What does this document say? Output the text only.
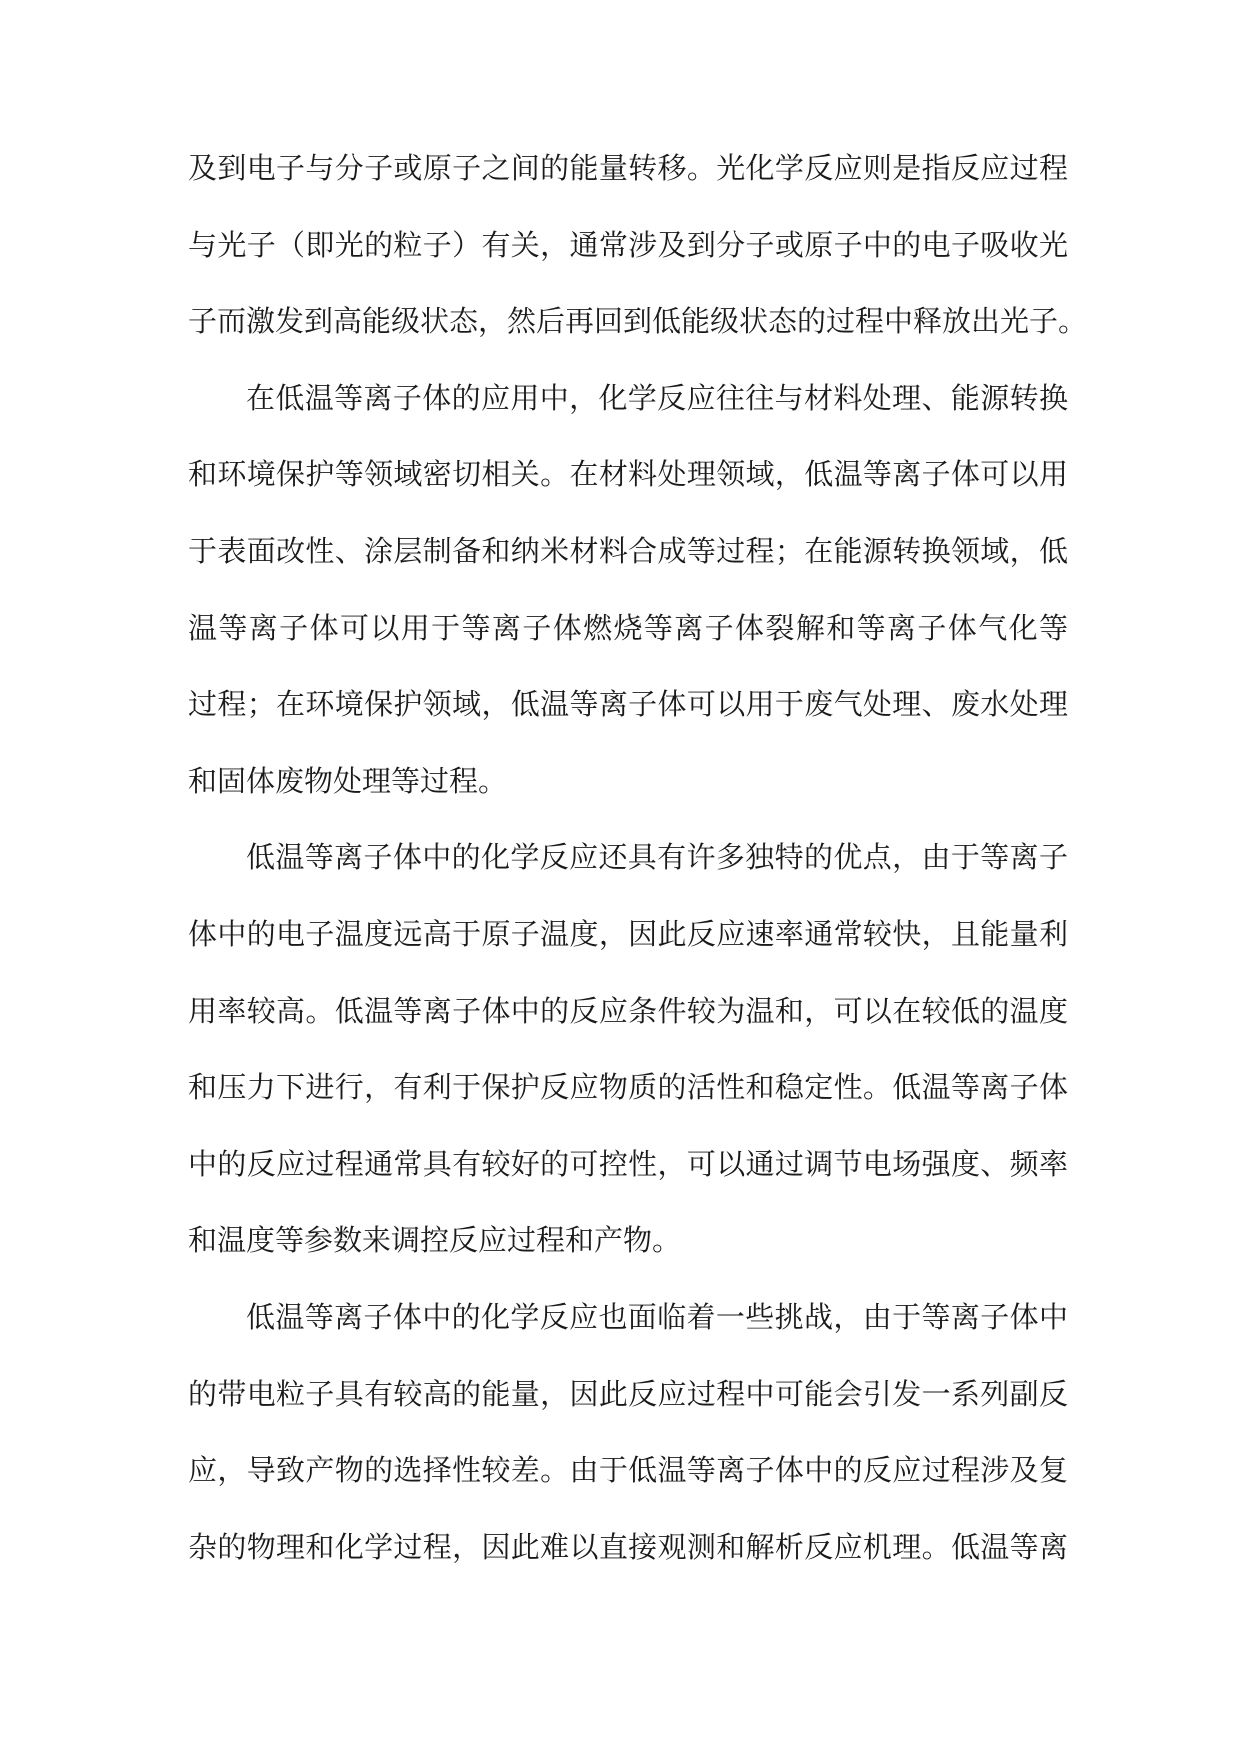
及到电子与分子或原子之间的能量转移。光化学反应则是指反应过程
与光子（即光的粒子）有关，通常涉及到分子或原子中的电子吸收光
子而激发到高能级状态，然后再回到低能级状态的过程中释放出光子。
在低温等离子体的应用中，化学反应往往与材料处理、能源转换
和环境保护等领域密切相关。在材料处理领域，低温等离子体可以用
于表面改性、涂层制备和纳米材料合成等过程；在能源转换领域，低
温等离子体可以用于等离子体燃烧等离子体裂解和等离子体气化等
过程；在环境保护领域，低温等离子体可以用于废气处理、废水处理
和固体废物处理等过程。
低温等离子体中的化学反应还具有许多独特的优点，由于等离子
体中的电子温度远高于原子温度，因此反应速率通常较快，且能量利
用率较高。低温等离子体中的反应条件较为温和，可以在较低的温度
和压力下进行，有利于保护反应物质的活性和稳定性。低温等离子体
中的反应过程通常具有较好的可控性，可以通过调节电场强度、频率
和温度等参数来调控反应过程和产物。
低温等离子体中的化学反应也面临着一些挑战，由于等离子体中
的带电粒子具有较高的能量，因此反应过程中可能会引发一系列副反
应，导致产物的选择性较差。由于低温等离子体中的反应过程涉及复
杂的物理和化学过程，因此难以直接观测和解析反应机理。低温等离
